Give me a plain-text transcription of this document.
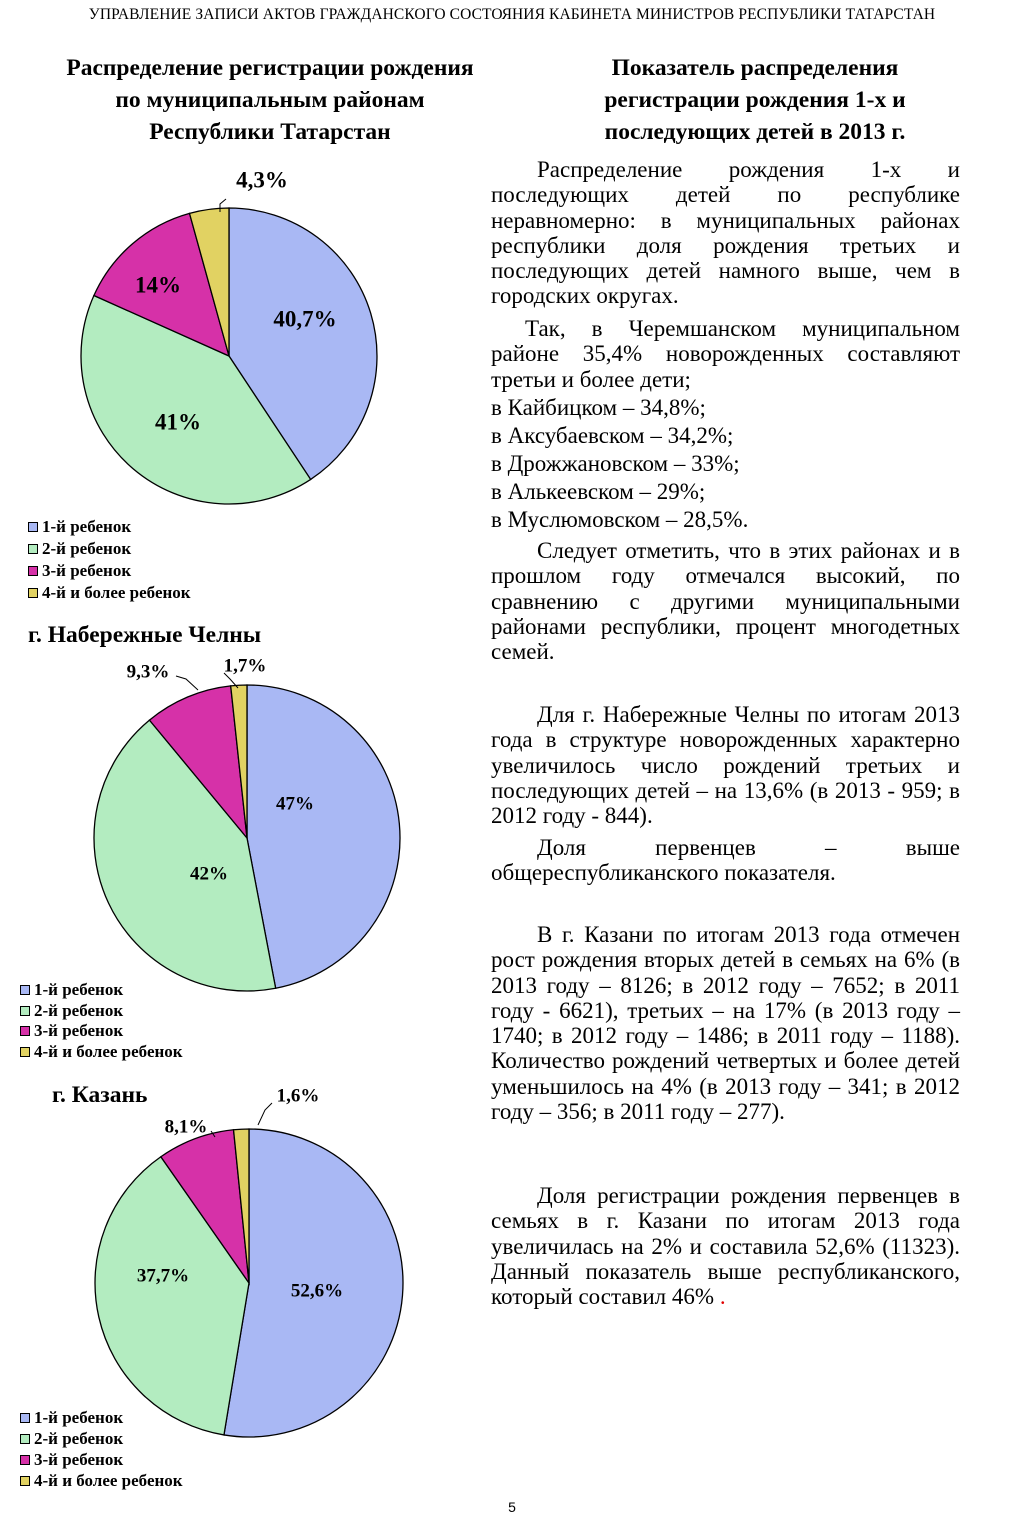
УПРАВЛЕНИЕ ЗАПИСИ АКТОВ ГРАЖДАНСКОГО СОСТОЯНИЯ КАБИНЕТА МИНИСТРОВ РЕСПУБЛИКИ ТАТАРСТАН
Распределение регистрации рождения
по муниципальным районам
Республики Татарстан
Показатель распределения
регистрации рождения 1-х и
последующих детей в 2013 г.
40,7%
41%
14%
4,3%
47%
42%
9,3%	1,7%
52,6%
37,7%
8,1%
1,6%
1-й ребенок
2-й ребенок
3-й ребенок
4-й и более ребенок
г. Набережные Челны
1-й ребенок
2-й ребенок
3-й ребенок
4-й и более ребенок
г. Казань
1-й ребенок
2-й ребенок
3-й ребенок
4-й и более ребенок

Распределение рождения 1-х и последующих детей по республике неравномерно: в муниципальных районах республики доля рождения третьих и последующих детей намного выше, чем в городских округах.

Так, в Черемшанском муниципальном районе 35,4% новорожденных составляют третьи и более дети;

в Кайбицком – 34,8%;
в Аксубаевском – 34,2%;
в Дрожжановском – 33%;
в Алькеевском – 29%;
в Муслюмовском – 28,5%.

Следует отметить, что в этих районах и в прошлом году отмечался высокий, по сравнению с другими муниципальными районами республики, процент многодетных семей.

Для г. Набережные Челны по итогам 2013 года в структуре новорожденных характерно увеличилось число рождений третьих и последующих детей – на 13,6% (в 2013 - 959; в 2012 году - 844).

Доля первенцев – выше общереспубликанского показателя.

В г. Казани по итогам 2013 года отмечен рост рождения вторых детей в семьях на 6% (в 2013 году – 8126; в 2012 году – 7652; в 2011 году - 6621), третьих – на 17% (в 2013 году – 1740; в 2012 году – 1486; в 2011 году – 1188). Количество рождений четвертых и более детей уменьшилось на 4% (в 2013 году – 341; в 2012 году – 356; в 2011 году – 277).

Доля регистрации рождения первенцев в семьях в г. Казани по итогам 2013 года увеличилась на 2% и составила 52,6% (11323). Данный показатель выше республиканского, который составил 46% .

5
